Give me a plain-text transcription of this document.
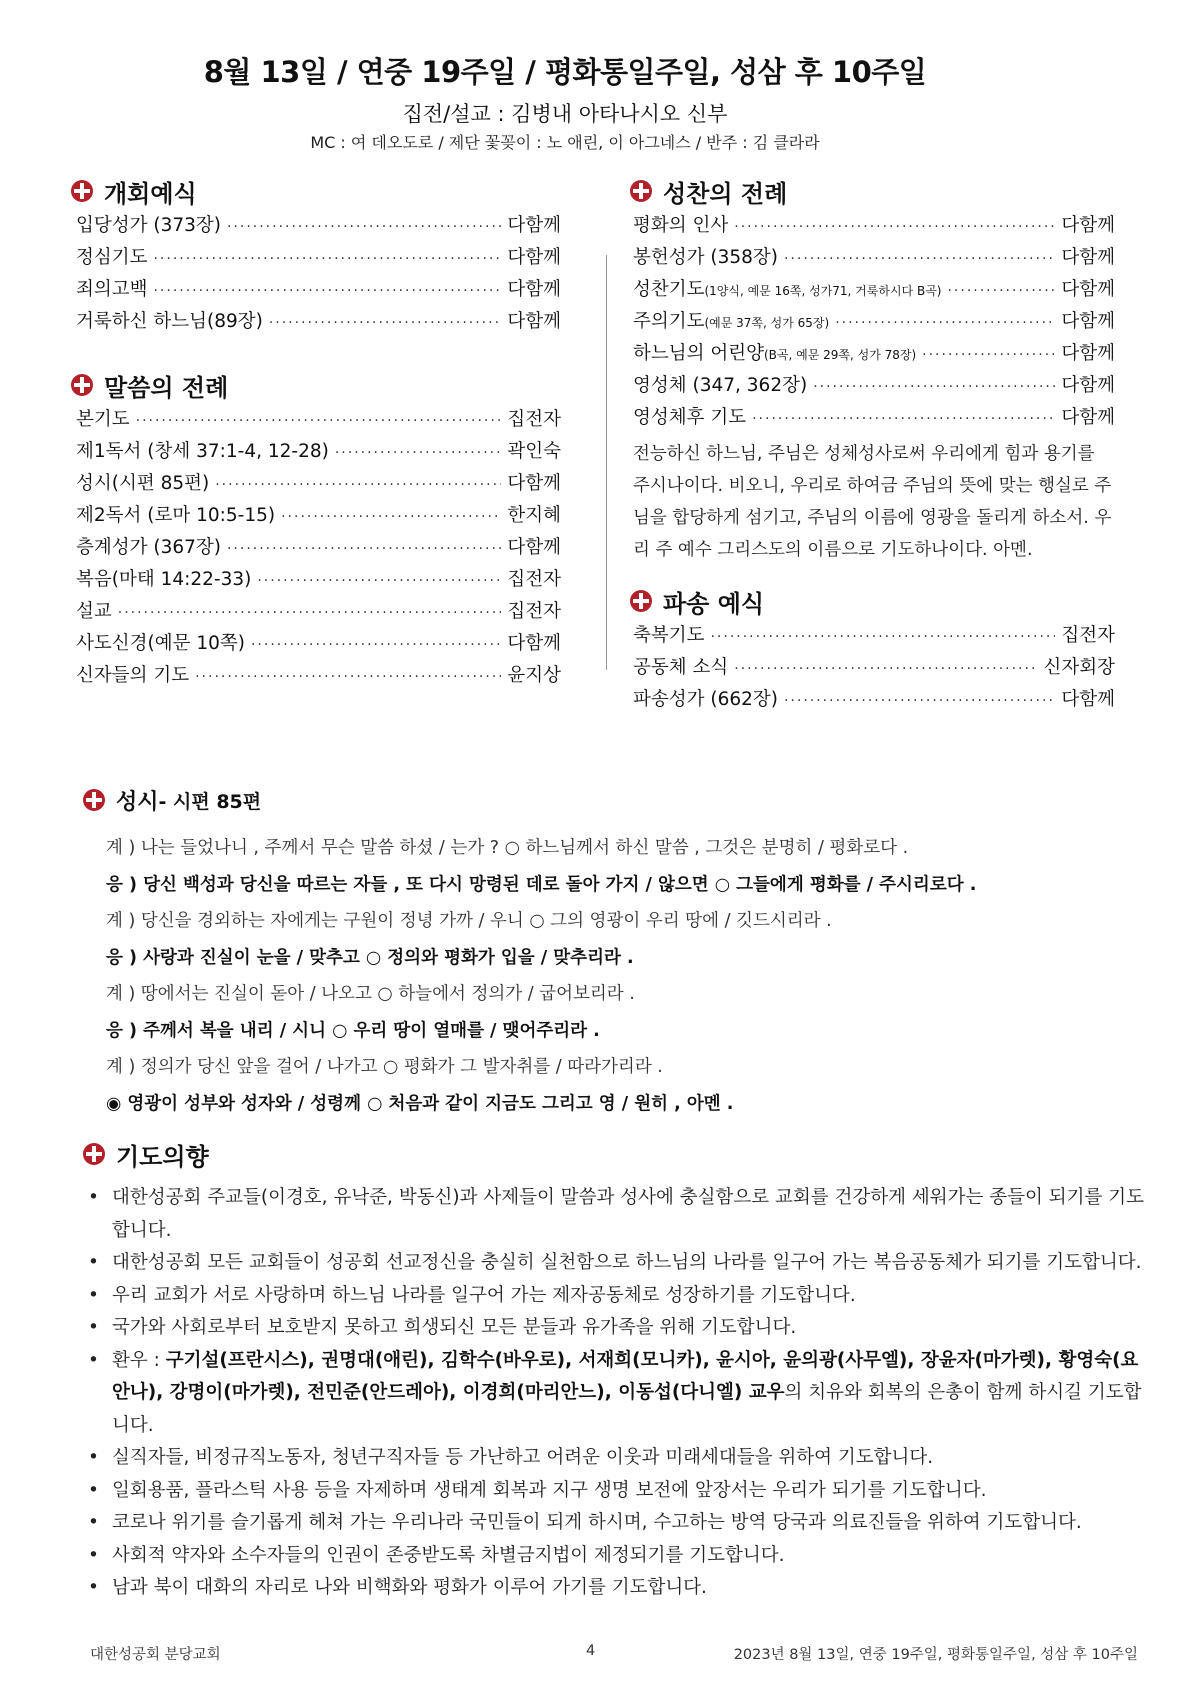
8월 13일 / 연중 19주일 / 평화통일주일, 성삼 후 10주일
집전/설교 : 김병내 아타나시오 신부
MC : 여 데오도로 / 제단 꽃꽂이 : 노 애린, 이 아그네스 / 반주 : 김 클라라
개회예식
입당성가 (373장) ·····	다함께
정심기도 ·····	다함께
죄의고백 ·····	다함께
거룩하신 하느님(89장) ·····	다함께
말씀의 전례
본기도 ·····	집전자
제1독서 (창세 37:1-4, 12-28) ·····	곽인숙
성시(시편 85편) ·····	다함께
제2독서 (로마 10:5-15) ·····	한지혜
층계성가 (367장) ·····	다함께
복음(마태 14:22-33) ·····	집전자
설교 ·····	집전자
사도신경(예문 10쪽) ·····	다함께
신자들의 기도 ·····	윤지상
성찬의 전례
평화의 인사 ·····	다함께
봉헌성가 (358장) ·····	다함께
성찬기도 (1양식, 예문 16쪽, 성가71, 거룩하시다 B곡) ·····	다함께
주의기도 (예문 37쪽, 성가 65장) ·····	다함께
하느님의 어린양 (B곡, 예문 29쪽, 성가 78장) ·····	다함께
영성체 (347, 362장) ·····	다함께
영성체후 기도 ·····	다함께
전능하신 하느님, 주님은 성체성사로써 우리에게 힘과 용기를 주시나이다. 비오니, 우리로 하여금 주님의 뜻에 맞는 행실로 주님을 합당하게 섬기고, 주님의 이름에 영광을 돌리게 하소서. 우리 주 예수 그리스도의 이름으로 기도하나이다. 아멘.
파송 예식
축복기도 ·····	집전자
공동체 소식 ·····	신자회장
파송성가 (662장) ·····	다함께
성시 - 시편 85편
계 ) 나는 들었나니 , 주께서 무슨 말씀 하셨 / 는가 ? ○ 하느님께서 하신 말씀 , 그것은 분명히 / 평화로다 .
응 ) 당신 백성과 당신을 따르는 자들 , 또 다시 망령된 데로 돌아 가지 / 않으면 ○ 그들에게 평화를 / 주시리로다 .
계 ) 당신을 경외하는 자에게는 구원이 정녕 가까 / 우니 ○ 그의 영광이 우리 땅에 / 깃드시리라 .
응 ) 사랑과 진실이 눈을 / 맞추고 ○ 정의와 평화가 입을 / 맞추리라 .
계 ) 땅에서는 진실이 돋아 / 나오고 ○ 하늘에서 정의가 / 굽어보리라 .
응 ) 주께서 복을 내리 / 시니 ○ 우리 땅이 열매를 / 맺어주리라 .
계 ) 정의가 당신 앞을 걸어 / 나가고 ○ 평화가 그 발자취를 / 따라가리라 .
◉ 영광이 성부와 성자와 / 성령께 ○ 처음과 같이 지금도 그리고 영 / 원히 , 아멘 .
기도의향
• 대한성공회 주교들(이경호, 유낙준, 박동신)과 사제들이 말씀과 성사에 충실함으로 교회를 건강하게 세워가는 종들이 되기를 기도합니다.
• 대한성공회 모든 교회들이 성공회 선교정신을 충실히 실천함으로 하느님의 나라를 일구어 가는 복음공동체가 되기를 기도합니다.
• 우리 교회가 서로 사랑하며 하느님 나라를 일구어 가는 제자공동체로 성장하기를 기도합니다.
• 국가와 사회로부터 보호받지 못하고 희생되신 모든 분들과 유가족을 위해 기도합니다.
• 환우 : 구기설(프란시스), 권명대(애린), 김학수(바우로), 서재희(모니카), 윤시아, 윤의광(사무엘), 장윤자(마가렛), 황영숙(요안나), 강명이(마가렛), 전민준(안드레아), 이경희(마리안느), 이동섭(다니엘) 교우의 치유와 회복의 은총이 함께 하시길 기도합니다.
• 실직자들, 비정규직노동자, 청년구직자들 등 가난하고 어려운 이웃과 미래세대들을 위하여 기도합니다.
• 일회용품, 플라스틱 사용 등을 자제하며 생태계 회복과 지구 생명 보전에 앞장서는 우리가 되기를 기도합니다.
• 코로나 위기를 슬기롭게 헤쳐 가는 우리나라 국민들이 되게 하시며, 수고하는 방역 당국과 의료진들을 위하여 기도합니다.
• 사회적 약자와 소수자들의 인권이 존중받도록 차별금지법이 제정되기를 기도합니다.
• 남과 북이 대화의 자리로 나와 비핵화와 평화가 이루어 가기를 기도합니다.
대한성공회 분당교회	4	2023년 8월 13일, 연중 19주일, 평화통일주일, 성삼 후 10주일
